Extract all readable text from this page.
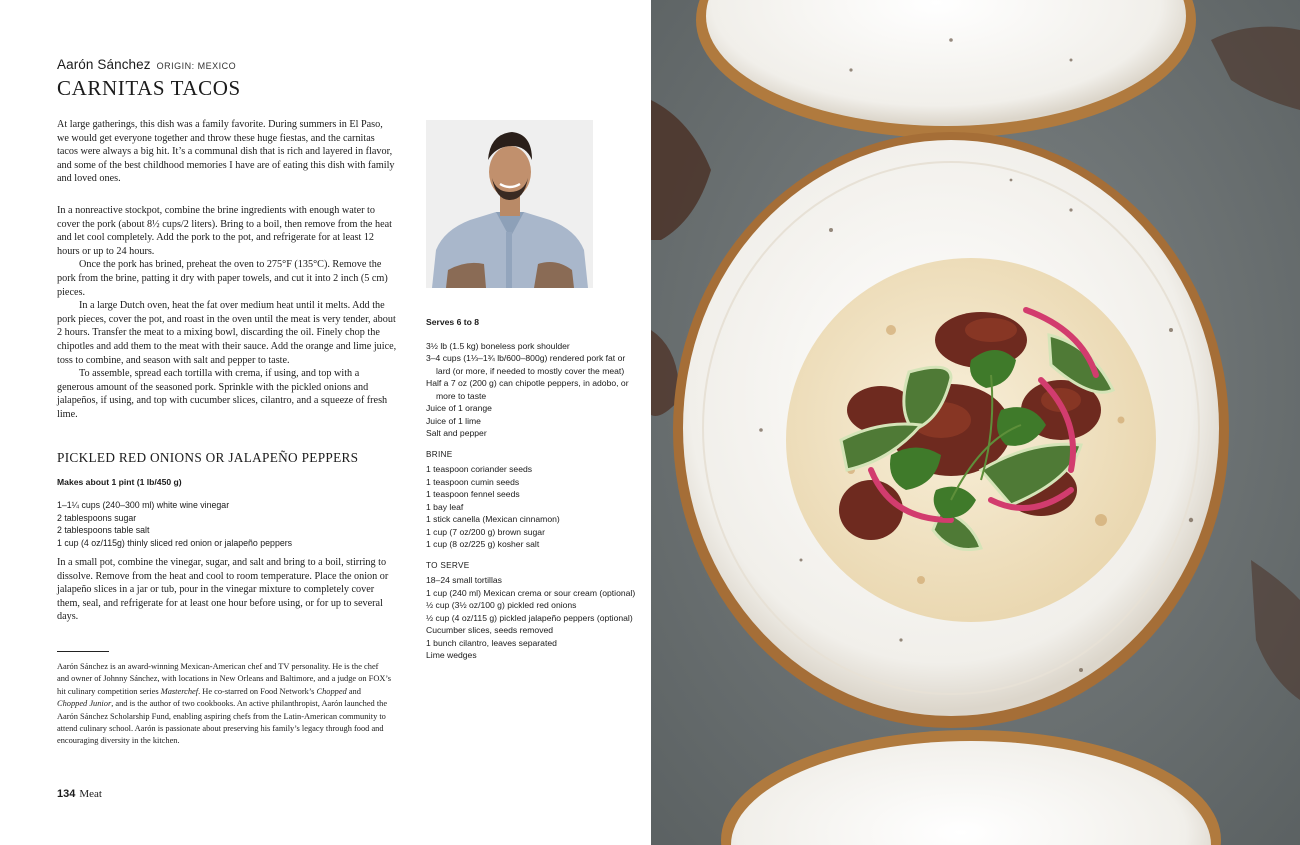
Aarón Sánchez ORIGIN: MEXICO
CARNITAS TACOS

At large gatherings, this dish was a family favorite. During summers in El Paso, we would get everyone together and throw these huge fiestas, and the carnitas tacos were always a big hit. It’s a communal dish that is rich and layered in flavor, and some of the best childhood memories I have are of eating this dish with family and loved ones.

In a nonreactive stockpot, combine the brine ingredients with enough water to cover the pork (about 8½ cups/2 liters). Bring to a boil, then remove from the heat and let cool completely. Add the pork to the pot, and refrigerate for at least 12 hours or up to 24 hours.

Once the pork has brined, preheat the oven to 275°F (135°C). Remove the pork from the brine, patting it dry with paper towels, and cut it into 2 inch (5 cm) pieces.

In a large Dutch oven, heat the fat over medium heat until it melts. Add the pork pieces, cover the pot, and roast in the oven until the meat is very tender, about 2 hours. Transfer the meat to a mixing bowl, discarding the oil. Finely chop the chipotles and add them to the meat with their sauce. Add the orange and lime juice, toss to combine, and season with salt and pepper to taste.

To assemble, spread each tortilla with crema, if using, and top with a generous amount of the seasoned pork. Sprinkle with the pickled onions and jalapeños, if using, and top with cucumber slices, cilantro, and a squeeze of fresh lime.

PICKLED RED ONIONS OR JALAPEÑO PEPPERS

Makes about 1 pint (1 lb/450 g)

1–1¼ cups (240–300 ml) white wine vinegar
2 tablespoons sugar
2 tablespoons table salt
1 cup (4 oz/115g) thinly sliced red onion or jalapeño peppers

In a small pot, combine the vinegar, sugar, and salt and bring to a boil, stirring to dissolve. Remove from the heat and cool to room temperature. Place the onion or jalapeño slices in a jar or tub, pour in the vinegar mixture to completely cover them, seal, and refrigerate for at least one hour before using, or for up to several days.

Aarón Sánchez is an award-winning Mexican-American chef and TV personality. He is the chef and owner of Johnny Sánchez, with locations in New Orleans and Baltimore, and a judge on FOX’s hit culinary competition series Masterchef. He co-starred on Food Network’s Chopped and Chopped Junior, and is the author of two cookbooks. An active philanthropist, Aarón launched the Aarón Sánchez Scholarship Fund, enabling aspiring chefs from the Latin-American community to attend culinary school. Aarón is passionate about preserving his family’s legacy through food and encouraging diversity in the kitchen.

134 Meat

Serves 6 to 8

3½ lb (1.5 kg) boneless pork shoulder
3–4 cups (1⅓–1¾ lb/600–800g) rendered pork fat or lard (or more, if needed to mostly cover the meat)
Half a 7 oz (200 g) can chipotle peppers, in adobo, or more to taste
Juice of 1 orange
Juice of 1 lime
Salt and pepper

BRINE

1 teaspoon coriander seeds
1 teaspoon cumin seeds
1 teaspoon fennel seeds
1 bay leaf
1 stick canella (Mexican cinnamon)
1 cup (7 oz/200 g) brown sugar
1 cup (8 oz/225 g) kosher salt

TO SERVE

18–24 small tortillas
1 cup (240 ml) Mexican crema or sour cream (optional)
½ cup (3½ oz/100 g) pickled red onions
½ cup (4 oz/115 g) pickled jalapeño peppers (optional)
Cucumber slices, seeds removed
1 bunch cilantro, leaves separated
Lime wedges
